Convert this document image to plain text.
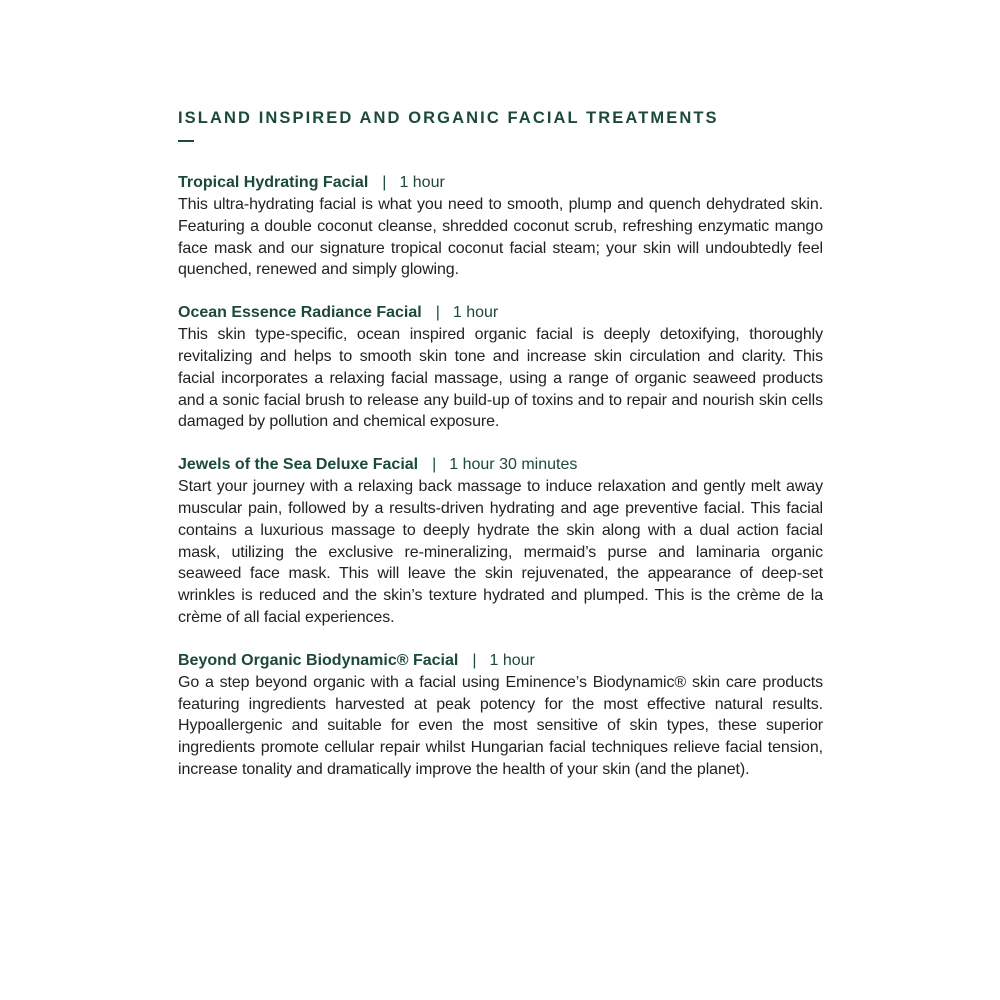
ISLAND INSPIRED AND ORGANIC FACIAL TREATMENTS
Tropical Hydrating Facial | 1 hour

This ultra-hydrating facial is what you need to smooth, plump and quench dehydrated skin. Featuring a double coconut cleanse, shredded coconut scrub, refreshing enzymatic mango face mask and our signature tropical coconut facial steam; your skin will undoubtedly feel quenched, renewed and simply glowing.

Ocean Essence Radiance Facial | 1 hour

This skin type-specific, ocean inspired organic facial is deeply detoxifying, thoroughly revitalizing and helps to smooth skin tone and increase skin circulation and clarity. This facial incorporates a relaxing facial massage, using a range of organic seaweed products and a sonic facial brush to release any build-up of toxins and to repair and nourish skin cells damaged by pollution and chemical exposure.

Jewels of the Sea Deluxe Facial | 1 hour 30 minutes

Start your journey with a relaxing back massage to induce relaxation and gently melt away muscular pain, followed by a results-driven hydrating and age preventive facial. This facial contains a luxurious massage to deeply hydrate the skin along with a dual action facial mask, utilizing the exclusive re-mineralizing, mermaid’s purse and laminaria organic seaweed face mask. This will leave the skin rejuvenated, the appearance of deep-set wrinkles is reduced and the skin’s texture hydrated and plumped. This is the crème de la crème of all facial experiences.

Beyond Organic Biodynamic® Facial | 1 hour

Go a step beyond organic with a facial using Eminence’s Biodynamic® skin care products featuring ingredients harvested at peak potency for the most effective natural results. Hypoallergenic and suitable for even the most sensitive of skin types, these superior ingredients promote cellular repair whilst Hungarian facial techniques relieve facial tension, increase tonality and dramatically improve the health of your skin (and the planet).
